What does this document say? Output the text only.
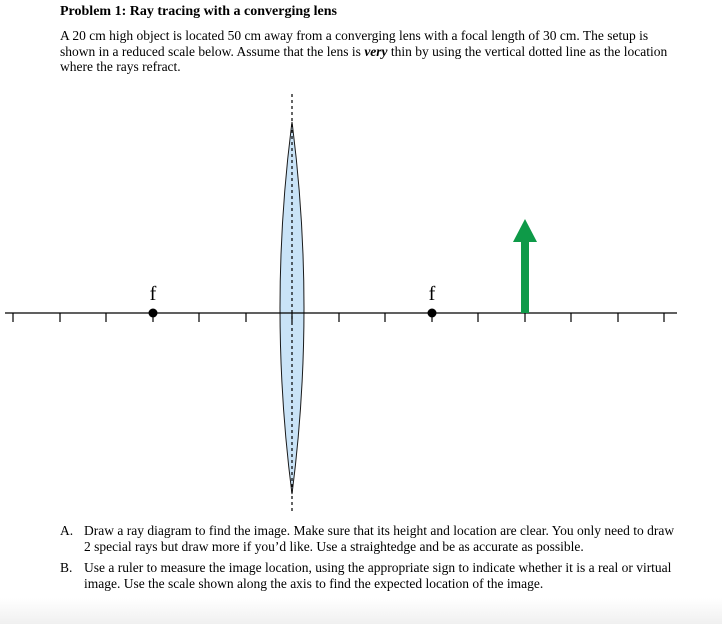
Problem 1: Ray tracing with a converging lens
A 20 cm high object is located 50 cm away from a converging lens with a focal length of 30 cm. The setup is shown in a reduced scale below. Assume that the lens is very thin by using the vertical dotted line as the location where the rays refract.
f	f
A. Draw a ray diagram to find the image. Make sure that its height and location are clear. You only need to draw 2 special rays but draw more if you’d like. Use a straightedge and be as accurate as possible.
B. Use a ruler to measure the image location, using the appropriate sign to indicate whether it is a real or virtual image. Use the scale shown along the axis to find the expected location of the image.
